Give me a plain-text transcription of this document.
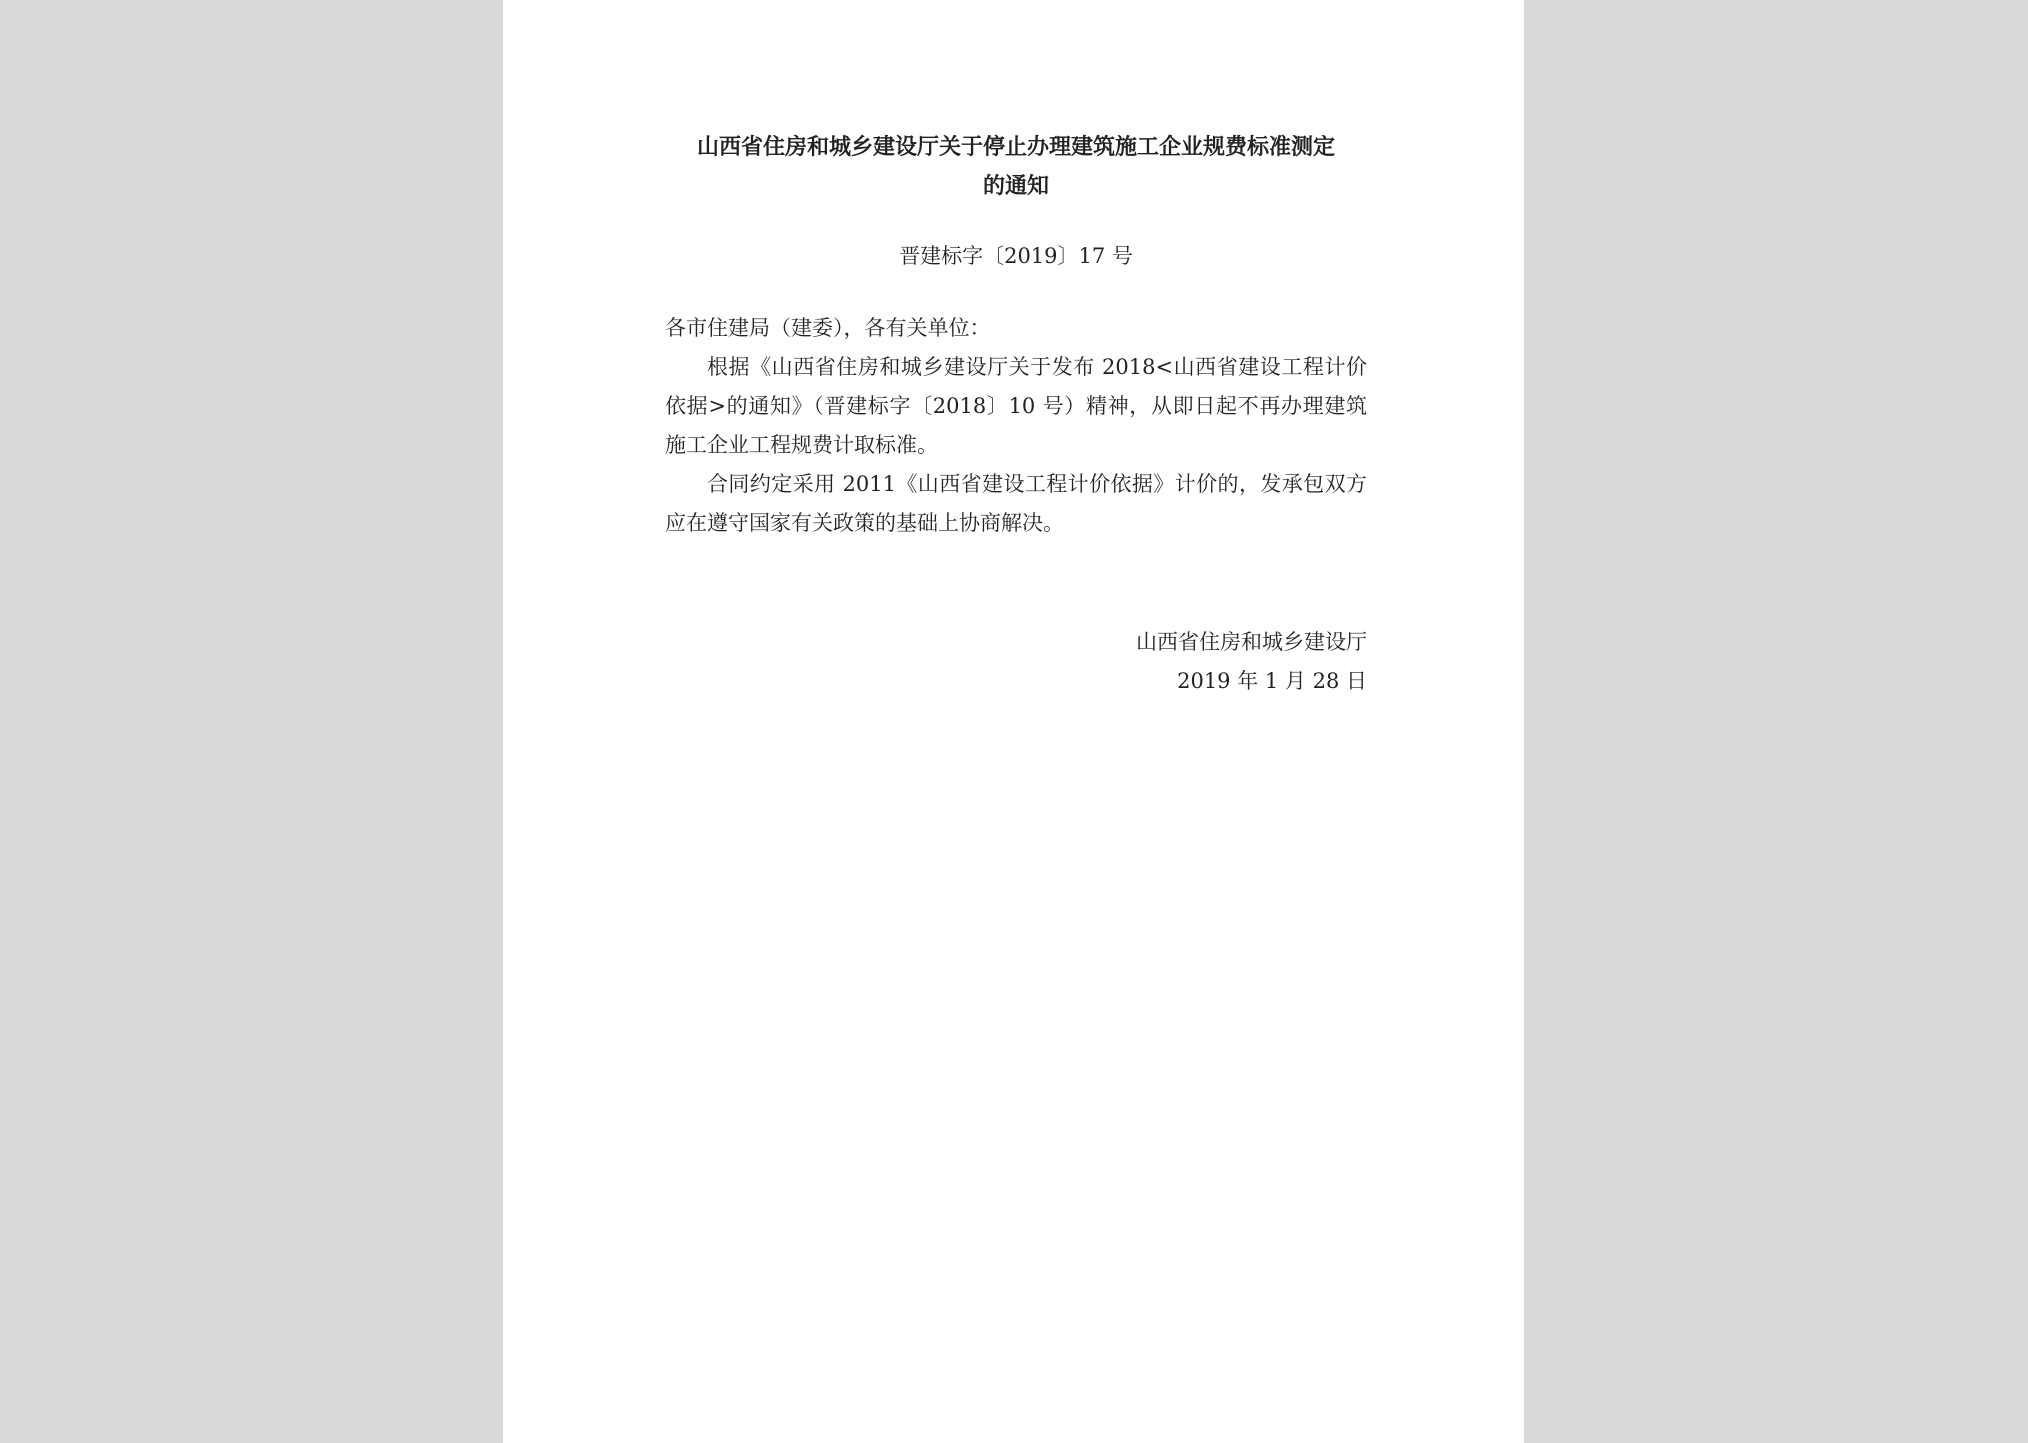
山西省住房和城乡建设厅关于停止办理建筑施工企业规费标准测定
的通知
晋建标字〔2019〕17 号
各市住建局（建委），各有关单位：

根据《山西省住房和城乡建设厅关于发布 2018<山西省建设工程计价依据>的通知》（晋建标字〔2018〕10 号）精神，从即日起不再办理建筑施工企业工程规费计取标准。

合同约定采用 2011《山西省建设工程计价依据》计价的，发承包双方应在遵守国家有关政策的基础上协商解决。

山西省住房和城乡建设厅
2019 年 1 月 28 日
